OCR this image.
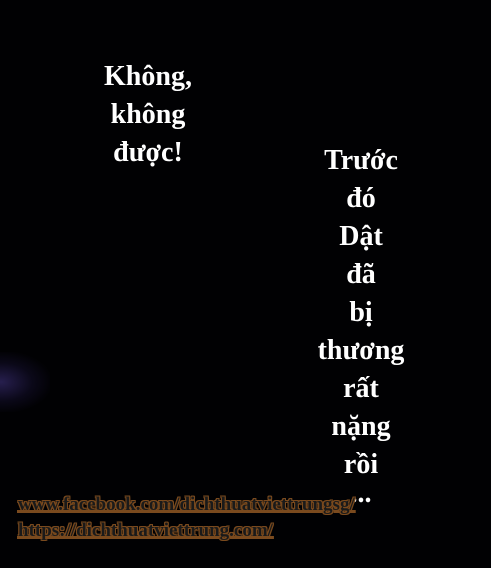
Không,
không
được!	Trước
đó
Dật
đã
bị
thương
rất
nặng
rồi
...
www.facebook.com/dichthuatviettrungsg/
https://dichthuatviettrung.com/
